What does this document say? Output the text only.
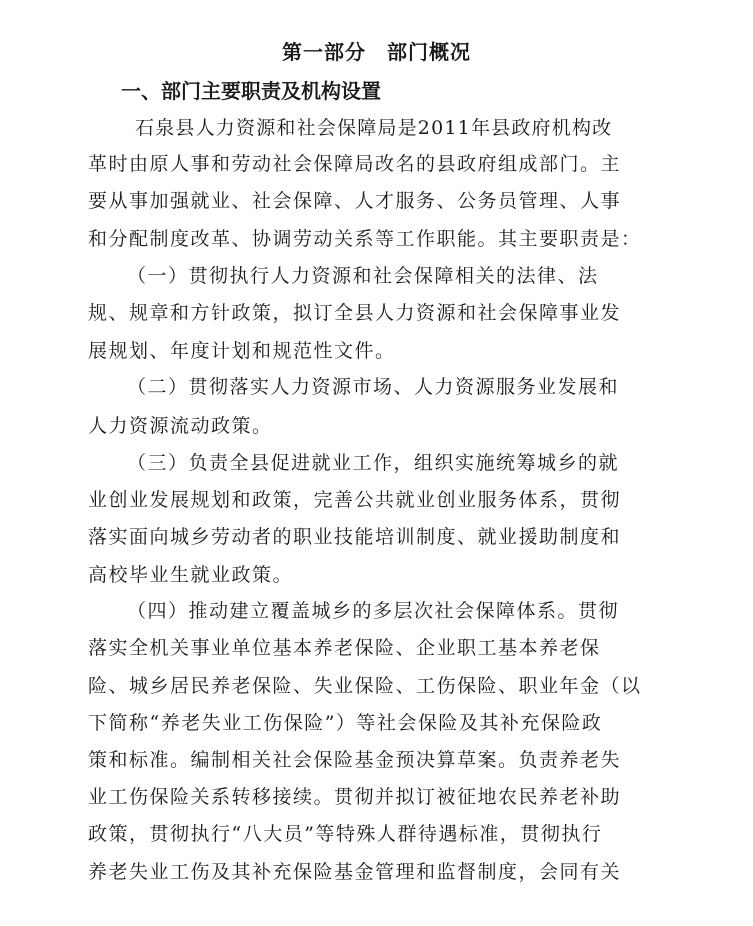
第一部分　部门概况
一、部门主要职责及机构设置

石泉县人力资源和社会保障局是2011年县政府机构改

革时由原人事和劳动社会保障局改名的县政府组成部门。主

要从事加强就业、社会保障、人才服务、公务员管理、人事

和分配制度改革、协调劳动关系等工作职能。其主要职责是：

（一）贯彻执行人力资源和社会保障相关的法律、法

规、规章和方针政策，拟订全县人力资源和社会保障事业发

展规划、年度计划和规范性文件。

（二）贯彻落实人力资源市场、人力资源服务业发展和

人力资源流动政策。

（三）负责全县促进就业工作，组织实施统筹城乡的就

业创业发展规划和政策，完善公共就业创业服务体系，贯彻

落实面向城乡劳动者的职业技能培训制度、就业援助制度和

高校毕业生就业政策。

（四）推动建立覆盖城乡的多层次社会保障体系。贯彻

落实全机关事业单位基本养老保险、企业职工基本养老保

险、城乡居民养老保险、失业保险、工伤保险、职业年金（以

下简称“养老失业工伤保险”）等社会保险及其补充保险政

策和标准。编制相关社会保险基金预决算草案。负责养老失

业工伤保险关系转移接续。贯彻并拟订被征地农民养老补助

政策，贯彻执行“八大员”等特殊人群待遇标准，贯彻执行

养老失业工伤及其补充保险基金管理和监督制度，会同有关
